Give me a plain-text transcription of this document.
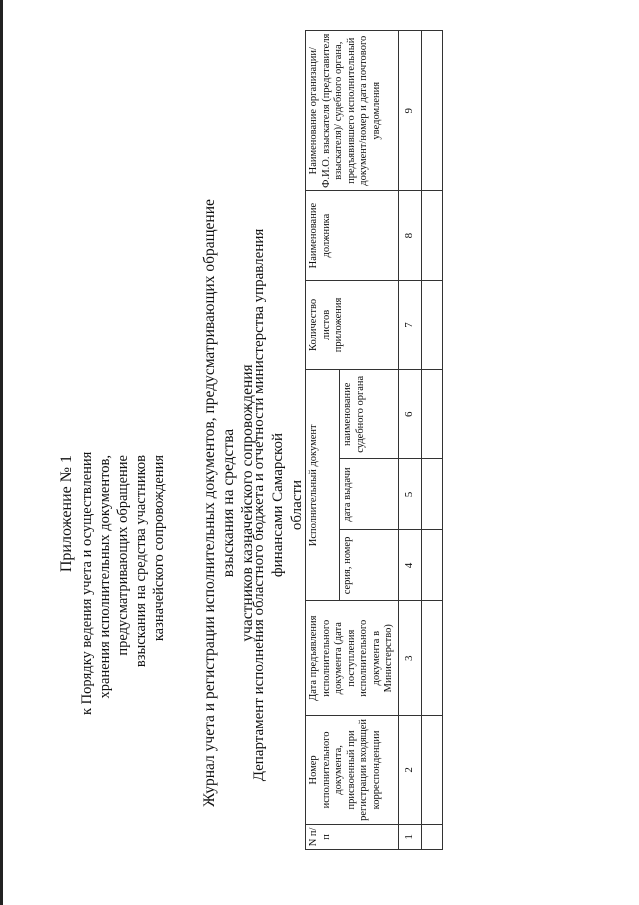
Приложение № 1 к Порядку ведения учета и осуществления хранения исполнительных документов, предусматривающих обращение взыскания на средства участников казначейского сопровождения Журнал учета и регистрации исполнительных документов, предусматривающих обращение взыскания на средства участников казначейского сопровождения
Департамент исполнения областного бюджета и отчетности министерства управления финансами Самарской области
N п/п	Номер исполнительного документа, присвоенный при регистрации входящей корреспонденции	Дата предъявления исполнительного документа (дата поступления исполнительного документа в Министерство)	Исполнительный документ			Количество листов приложения	Наименование должника	Наименование организации/ Ф.И.О. взыскателя (представителя взыскателя)/ судебного органа, предъявившего исполнительный документ/номер и дата почтового уведомления
			серия, номер	дата выдачи	наименование судебного органа			
1	2	3	4	5	6	7	8	9
